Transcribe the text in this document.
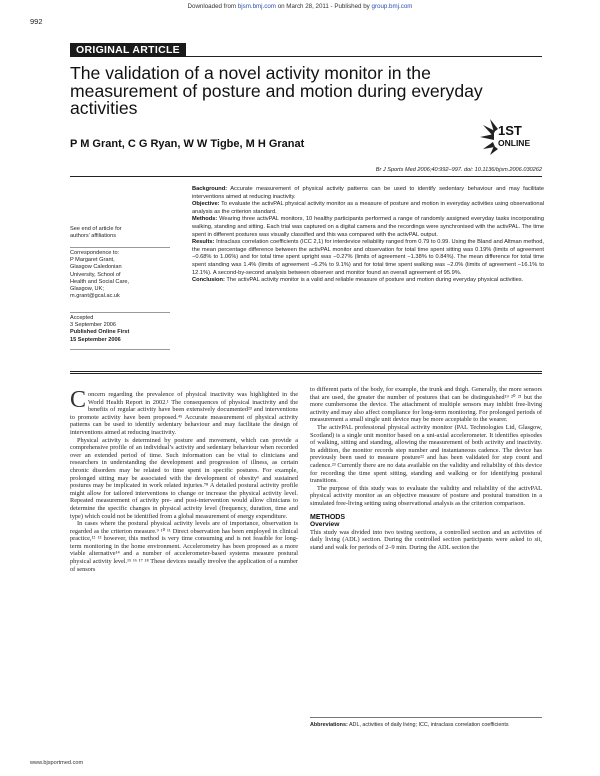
Downloaded from bjsm.bmj.com on March 28, 2011 - Published by group.bmj.com
992
ORIGINAL ARTICLE
The validation of a novel activity monitor in the measurement of posture and motion during everyday activities
P M Grant, C G Ryan, W W Tigbe, M H Granat
1ST
ONLINE
Br J Sports Med 2006;40:992–997. doi: 10.1136/bjsm.2006.030262
See end of article for
authors’ affiliations
Correspondence to:
P Margaret Grant,
Glasgow Caledonian
University, School of
Health and Social Care,
Glasgow, UK;
m.grant@gcal.ac.uk
Accepted
3 September 2006
Published Online First
15 September 2006

Background: Accurate measurement of physical activity patterns can be used to identify sedentary behaviour and may facilitate interventions aimed at reducing inactivity.

Objective: To evaluate the activPAL physical activity monitor as a measure of posture and motion in everyday activities using observational analysis as the criterion standard.

Methods: Wearing three activPAL monitors, 10 healthy participants performed a range of randomly assigned everyday tasks incorporating walking, standing and sitting. Each trial was captured on a digital camera and the recordings were synchronised with the activPAL. The time spent in different postures was visually classified and this was compared with the activPAL output.

Results: Intraclass correlation coefficients (ICC 2,1) for interdevice reliability ranged from 0.79 to 0.99. Using the Bland and Altman method, the mean percentage difference between the activPAL monitor and observation for total time spent sitting was 0.19% (limits of agreement −0.68% to 1.06%) and for total time spent upright was −0.27% (limits of agreement −1.38% to 0.84%). The mean difference for total time spent standing was 1.4% (limits of agreement −6.2% to 9.1%) and for total time spent walking was −2.0% (limits of agreement −16.1% to 12.1%). A second-by-second analysis between observer and monitor found an overall agreement of 95.9%.

Conclusion: The activPAL activity monitor is a valid and reliable measure of posture and motion during everyday physical activities.

Concern regarding the prevalence of physical inactivity was highlighted in the World Health Report in 2002.¹ The consequences of physical inactivity and the benefits of regular activity have been extensively documented²³ and interventions to promote activity have been proposed.⁴⁵ Accurate measurement of physical activity patterns can be used to identify sedentary behaviour and may facilitate the design of interventions aimed at reducing inactivity.

Physical activity is determined by posture and movement, which can provide a comprehensive profile of an individual’s activity and sedentary behaviour when recorded over an extended period of time. Such information can be vital to clinicians and researchers in understanding the development and progression of illness, as certain chronic disorders may be related to time spent in specific postures. For example, prolonged sitting may be associated with the development of obesity⁶ and sustained postures may be implicated in work related injuries.⁷⁸ A detailed postural activity profile might allow for tailored interventions to change or increase the physical activity level. Repeated measurement of activity pre- and post-intervention would allow clinicians to determine the specific changes in physical activity level (frequency, duration, time and type) which could not be identified from a global measurement of energy expenditure.

In cases where the postural physical activity levels are of importance, observation is regarded as the criterion measure.⁹ ¹⁰ ¹¹ Direct observation has been employed in clinical practice,¹² ¹³ however, this method is very time consuming and is not feasible for long-term monitoring in the home environment. Accelerometry has been proposed as a more viable alternative¹⁴ and a number of accelerometer-based systems measure postural physical activity level.¹⁵ ¹⁶ ¹⁷ ¹⁸ These devices usually involve the application of a number of sensors

to different parts of the body, for example, the trunk and thigh. Generally, the more sensors that are used, the greater the number of postures that can be distinguished¹⁹ ²⁰ ²¹ but the more cumbersome the device. The attachment of multiple sensors may inhibit free-living activity and may also affect compliance for long-term monitoring. For prolonged periods of measurement a small single unit device may be more acceptable to the wearer.

The activPAL professional physical activity monitor (PAL Technologies Ltd, Glasgow, Scotland) is a single unit monitor based on a uni-axial accelerometer. It identifies episodes of walking, sitting and standing, allowing the measurement of both activity and inactivity. In addition, the monitor records step number and instantaneous cadence. The device has previously been used to measure posture²² and has been validated for step count and cadence.²³ Currently there are no data available on the validity and reliability of this device for recording the time spent sitting, standing and walking or for identifying postural transitions.

The purpose of this study was to evaluate the validity and reliability of the activPAL physical activity monitor as an objective measure of posture and postural transition in a simulated free-living setting using observational analysis as the criterion comparison.

METHODS
Overview

This study was divided into two testing sections, a controlled section and an activities of daily living (ADL) section. During the controlled section participants were asked to sit, stand and walk for periods of 2–9 min. During the ADL section the

Abbreviations: ADL, activities of daily living; ICC, intraclass correlation coefficients
www.bjsportmed.com
